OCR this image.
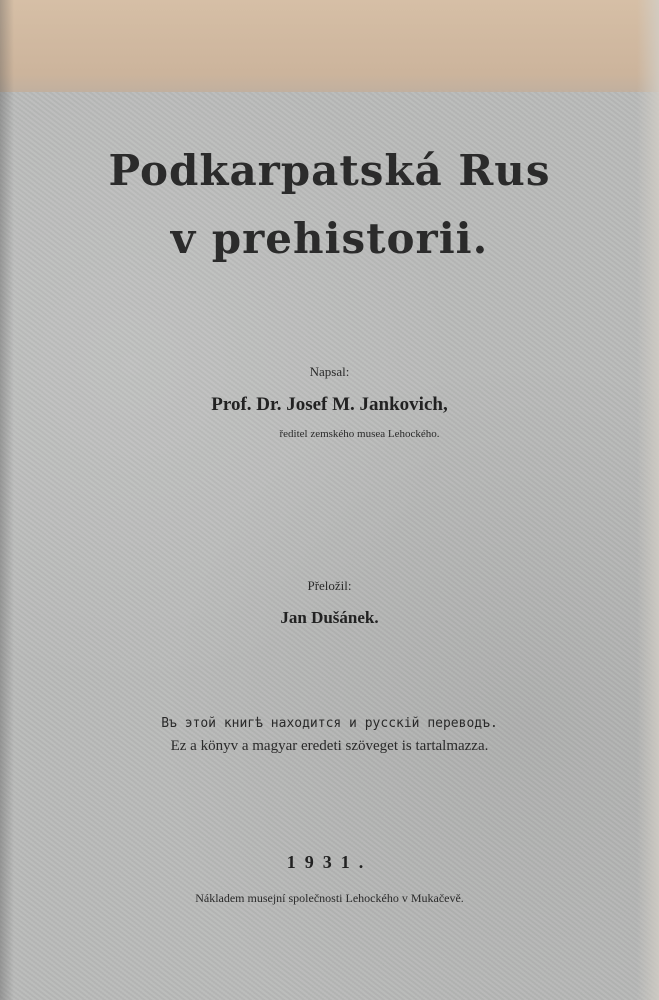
Podkarpatská Rus
v prehistorii.

Napsal:

Prof. Dr. Josef M. Jankovich,

ředitel zemského musea Lehockého.

Přeložil:

Jan Dušánek.

Въ этой книгѣ находится и русскій переводъ.

Ez a könyv a magyar eredeti szöveget is tartalmazza.

1931.

Nákladem musejní společnosti Lehockého v Mukačevě.
